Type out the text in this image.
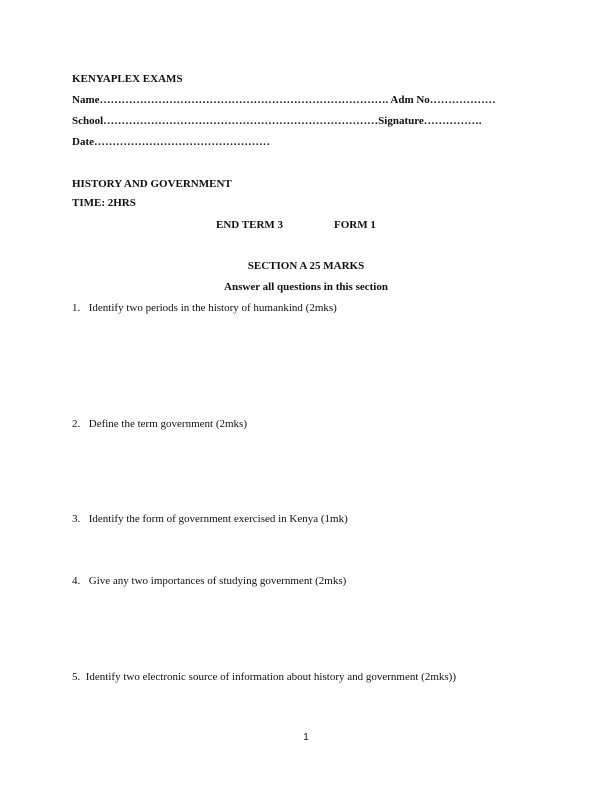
KENYAPLEX EXAMS
Name……………………………………………………………………. Adm No………………
School…………………………………………………………………Signature…………….
Date…………………………………………
HISTORY AND GOVERNMENT
TIME: 2HRS
END TERM 3	FORM 1
SECTION A 25 MARKS
Answer all questions in this section
1. Identify two periods in the history of humankind (2mks)
2. Define the term government (2mks)
3. Identify the form of government exercised in Kenya (1mk)
4. Give any two importances of studying government (2mks)
5. Identify two electronic source of information about history and government (2mks))
1
